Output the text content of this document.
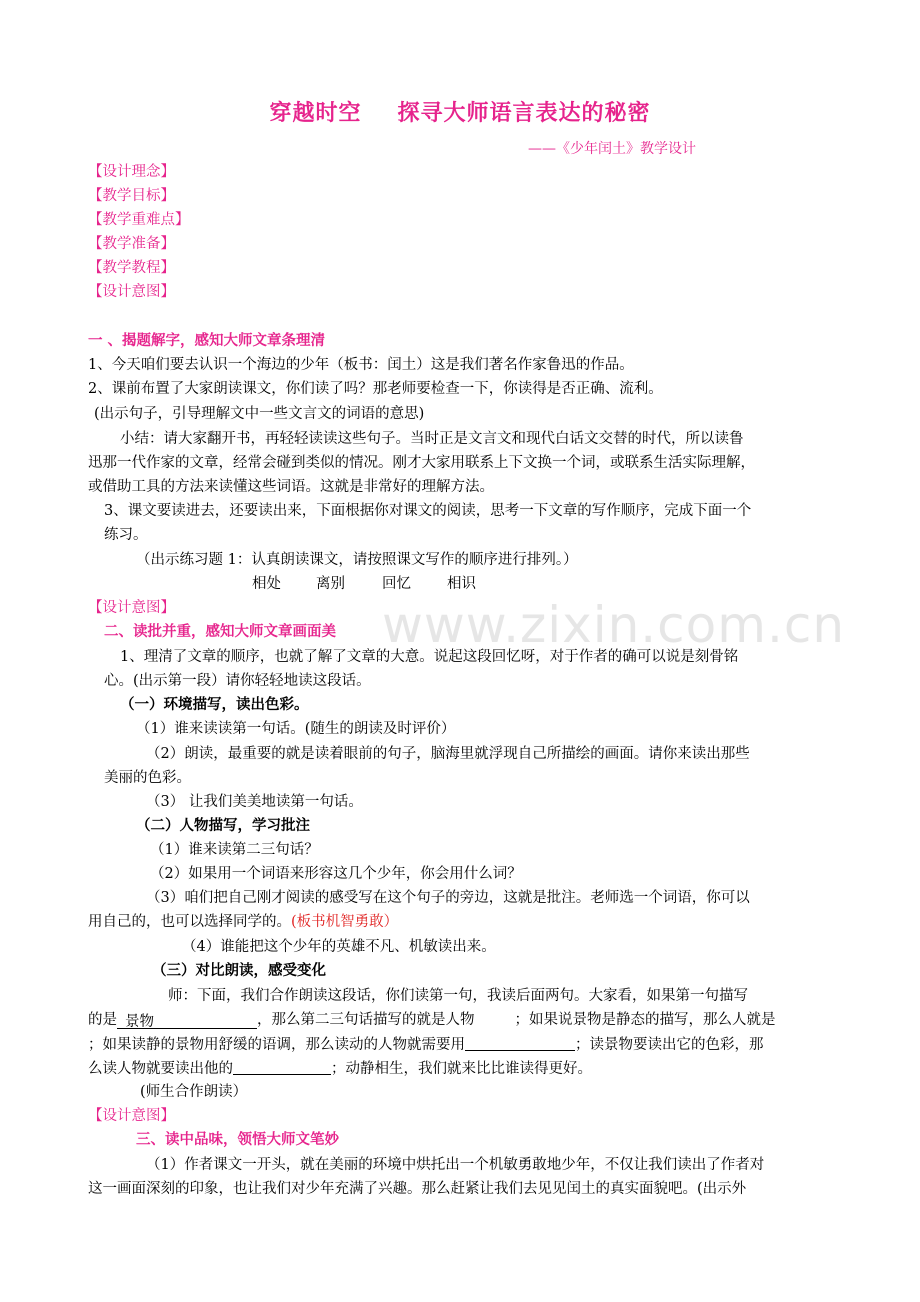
www.zixin.com.cn
穿越时空 探寻大师语言表达的秘密
——《少年闰土》教学设计
【设计理念】
【教学目标】
【教学重难点】
【教学准备】
【教学教程】
【设计意图】
一 、揭题解字，感知大师文章条理清
1、今天咱们要去认识一个海边的少年（板书：闰土）这是我们著名作家鲁迅的作品。
2、课前布置了大家朗读课文，你们读了吗？那老师要检查一下，你读得是否正确、流利。
(出示句子，引导理解文中一些文言文的词语的意思)
小结：请大家翻开书，再轻轻读读这些句子。当时正是文言文和现代白话文交替的时代，所以读鲁
迅那一代作家的文章，经常会碰到类似的情况。刚才大家用联系上下文换一个词，或联系生活实际理解，
或借助工具的方法来读懂这些词语。这就是非常好的理解方法。
3、课文要读进去，还要读出来，下面根据你对课文的阅读，思考一下文章的写作顺序，完成下面一个
练习。
（出示练习题 1：认真朗读课文，请按照课文写作的顺序进行排列。）
相处 离别	回忆 相识
【设计意图】
二、读批并重，感知大师文章画面美
1、理清了文章的顺序，也就了解了文章的大意。说起这段回忆呀，对于作者的确可以说是刻骨铭
心。(出示第一段）请你轻轻地读这段话。
（一）环境描写，读出色彩。
（1）谁来读读第一句话。(随生的朗读及时评价）
（2）朗读，最重要的就是读着眼前的句子，脑海里就浮现自己所描绘的画面。请你来读出那些
美丽的色彩。
（3） 让我们美美地读第一句话。
（二）人物描写，学习批注
（1）谁来读第二三句话？
（2）如果用一个词语来形容这几个少年，你会用什么词？
（3）咱们把自己刚才阅读的感受写在这个句子的旁边，这就是批注。老师选一个词语，你可以
用自己的，也可以选择同学的。(板书机智勇敢）
（4）谁能把这个少年的英雄不凡、机敏读出来。
（三）对比朗读，感受变化
师：下面，我们合作朗读这段话，你们读第一句，我读后面两句。大家看，如果第一句描写
的是 景物	，那么第二三句话描写的就是人物	；如果说景物是静态的描写，那么人就是
；如果读静的景物用舒缓的语调，那么读动的人物就需要用	；读景物要读出它的色彩，那
么读人物就要读出他的	；动静相生，我们就来比比谁读得更好。
(师生合作朗读）
【设计意图】
三、读中品味，领悟大师文笔妙
（1）作者课文一开头，就在美丽的环境中烘托出一个机敏勇敢地少年，不仅让我们读出了作者对
这一画面深刻的印象，也让我们对少年充满了兴趣。那么赶紧让我们去见见闰土的真实面貌吧。(出示外
